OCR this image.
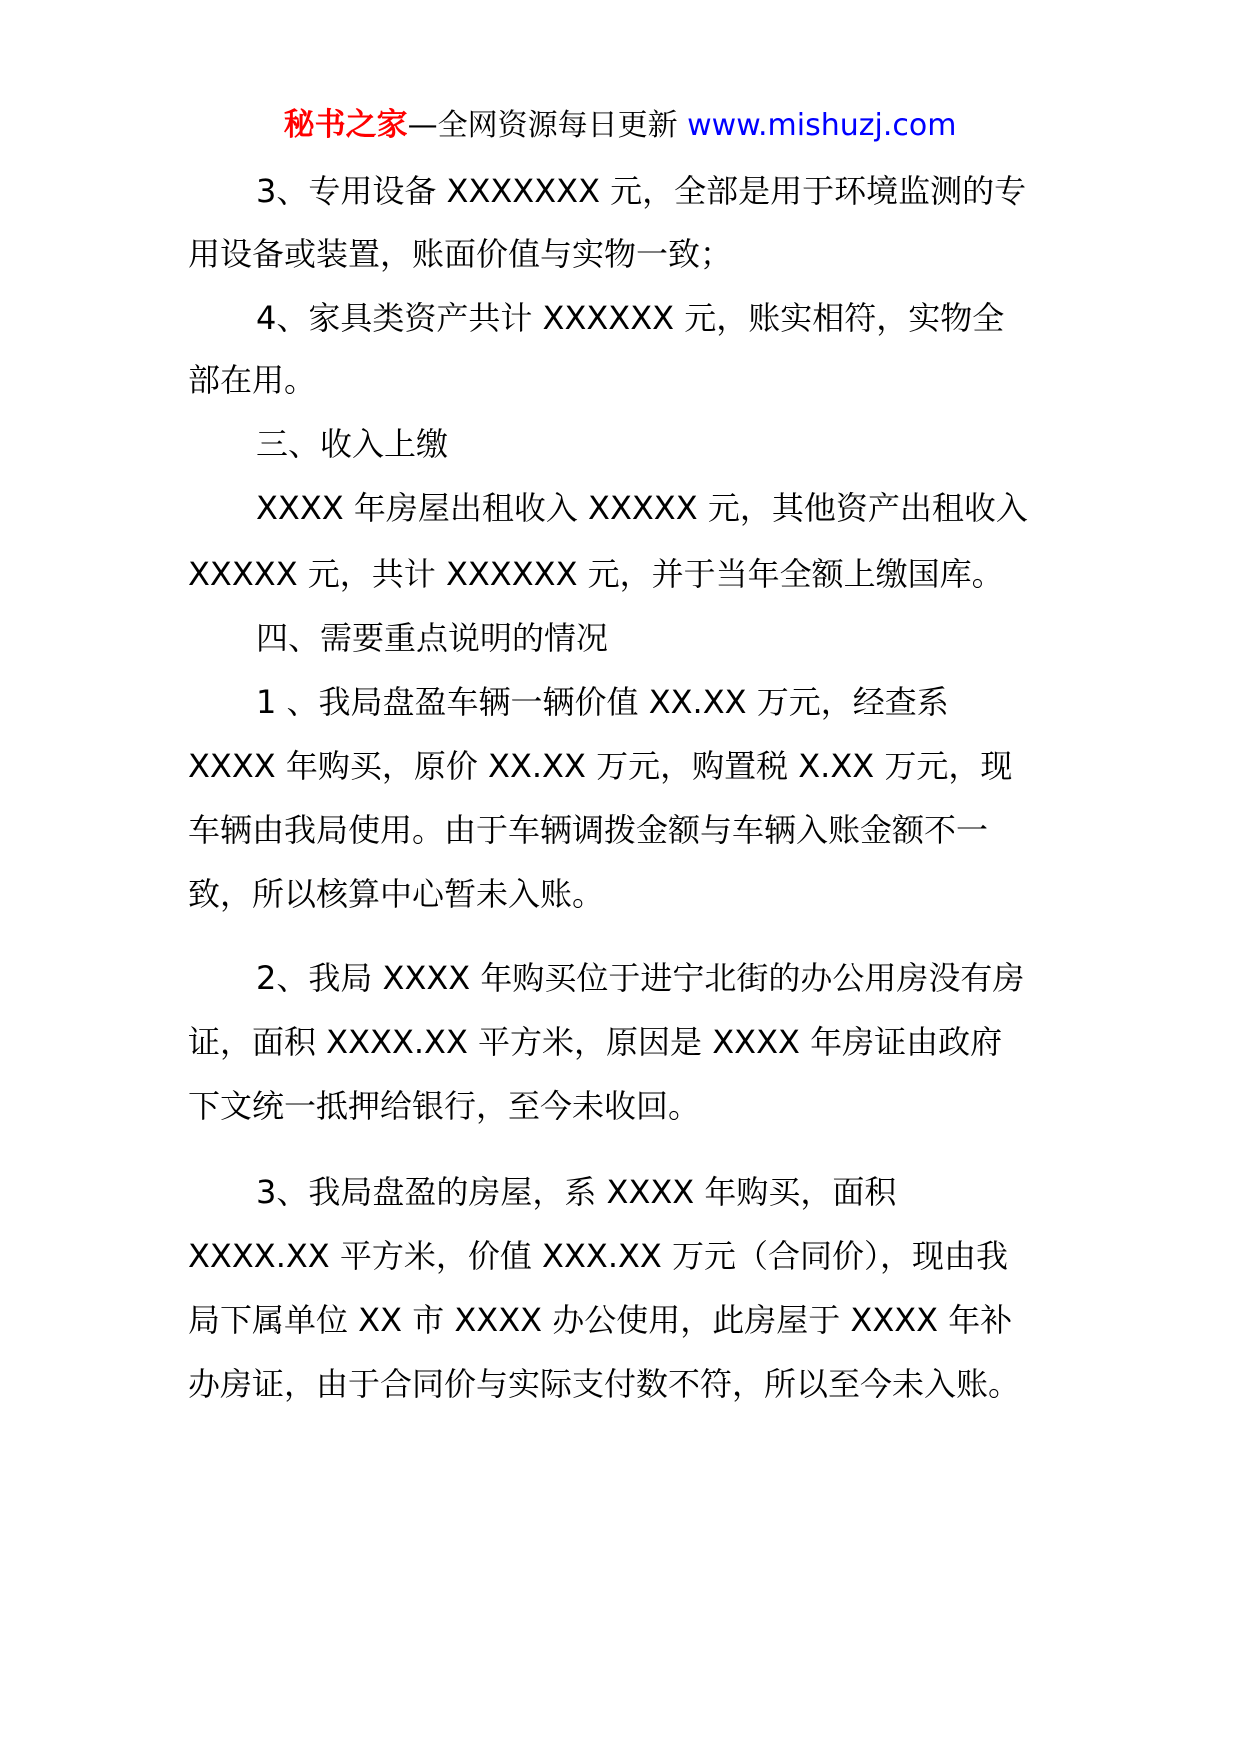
秘书之家—全网资源每日更新 www.mishuzj.com
3、专用设备 XXXXXXX 元，全部是用于环境监测的专
用设备或装置，账面价值与实物一致；
4、家具类资产共计 XXXXXX 元，账实相符，实物全
部在用。
三、收入上缴
XXXX 年房屋出租收入 XXXXX 元，其他资产出租收入
XXXXX 元，共计 XXXXXX 元，并于当年全额上缴国库。
四、需要重点说明的情况
1 、我局盘盈车辆一辆价值 XX.XX 万元，经查系
XXXX 年购买，原价 XX.XX 万元，购置税 X.XX 万元，现
车辆由我局使用。由于车辆调拨金额与车辆入账金额不一
致，所以核算中心暂未入账。
2、我局 XXXX 年购买位于进宁北街的办公用房没有房
证，面积 XXXX.XX 平方米，原因是 XXXX 年房证由政府
下文统一抵押给银行，至今未收回。
3、我局盘盈的房屋，系 XXXX 年购买，面积
XXXX.XX 平方米，价值 XXX.XX 万元（合同价），现由我
局下属单位 XX 市 XXXX 办公使用，此房屋于 XXXX 年补
办房证，由于合同价与实际支付数不符，所以至今未入账。
